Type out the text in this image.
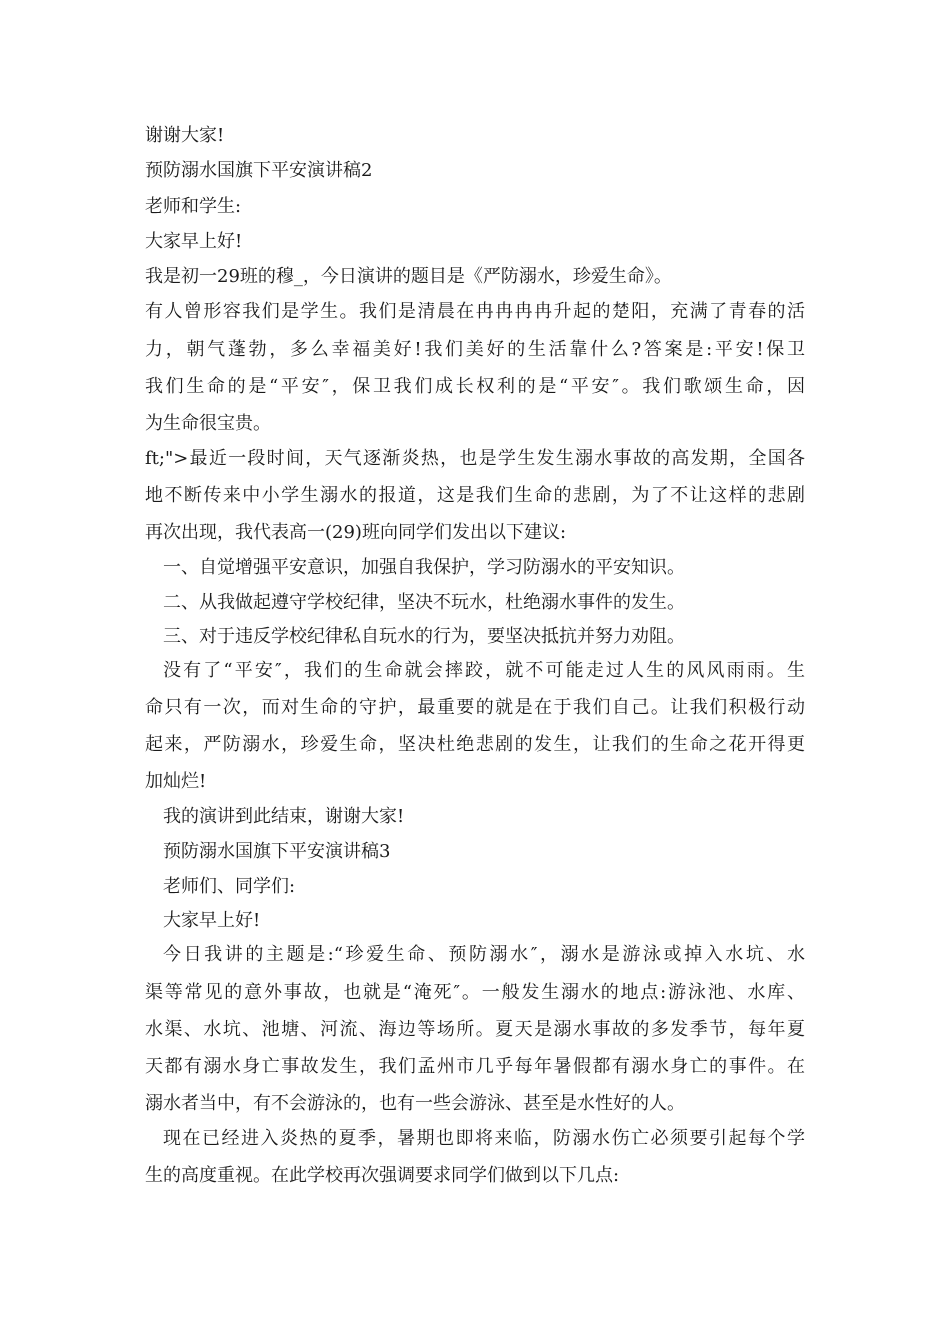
谢谢大家!
预防溺水国旗下平安演讲稿2
老师和学生:
大家早上好!
我是初一29班的穆_，今日演讲的题目是《严防溺水，珍爱生命》。
有人曾形容我们是学生。我们是清晨在冉冉冉冉升起的楚阳，充满了青春的活
力，朝气蓬勃，多么幸福美好!我们美好的生活靠什么?答案是:平安!保卫
我们生命的是“平安″，保卫我们成长权利的是“平安″。我们歌颂生命，因
为生命很宝贵。
ft;">最近一段时间，天气逐渐炎热，也是学生发生溺水事故的高发期，全国各
地不断传来中小学生溺水的报道，这是我们生命的悲剧，为了不让这样的悲剧
再次出现，我代表高一(29)班向同学们发出以下建议:
一、自觉增强平安意识，加强自我保护，学习防溺水的平安知识。
二、从我做起遵守学校纪律，坚决不玩水，杜绝溺水事件的发生。
三、对于违反学校纪律私自玩水的行为，要坚决抵抗并努力劝阻。
没有了“平安″，我们的生命就会摔跤，就不可能走过人生的风风雨雨。生
命只有一次，而对生命的守护，最重要的就是在于我们自己。让我们积极行动
起来，严防溺水，珍爱生命，坚决杜绝悲剧的发生，让我们的生命之花开得更
加灿烂!
我的演讲到此结束，谢谢大家!
预防溺水国旗下平安演讲稿3
老师们、同学们:
大家早上好!
今日我讲的主题是:“珍爱生命、预防溺水″，溺水是游泳或掉入水坑、水
渠等常见的意外事故，也就是“淹死″。一般发生溺水的地点:游泳池、水库、
水渠、水坑、池塘、河流、海边等场所。夏天是溺水事故的多发季节，每年夏
天都有溺水身亡事故发生，我们孟州市几乎每年暑假都有溺水身亡的事件。在
溺水者当中，有不会游泳的，也有一些会游泳、甚至是水性好的人。
现在已经进入炎热的夏季，暑期也即将来临，防溺水伤亡必须要引起每个学
生的高度重视。在此学校再次强调要求同学们做到以下几点:
